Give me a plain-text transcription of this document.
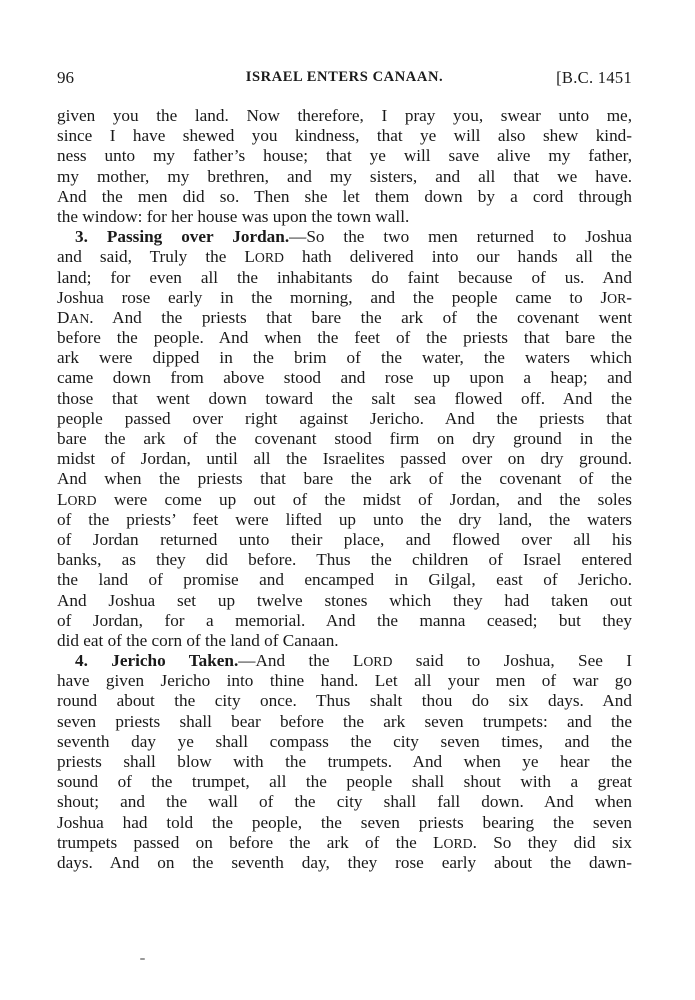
96	ISRAEL ENTERS CANAAN.	[B.C. 1451
given you the land. Now therefore, I pray you, swear unto me,
since I have shewed you kindness, that ye will also shew kind-
ness unto my father’s house; that ye will save alive my father,
my mother, my brethren, and my sisters, and all that we have.
And the men did so. Then she let them down by a cord through
the window: for her house was upon the town wall.
3. Passing over Jordan.—So the two men returned to Joshua
and said, Truly the LORD hath delivered into our hands all the
land; for even all the inhabitants do faint because of us. And
Joshua rose early in the morning, and the people came to JOR-
DAN. And the priests that bare the ark of the covenant went
before the people. And when the feet of the priests that bare the
ark were dipped in the brim of the water, the waters which
came down from above stood and rose up upon a heap; and
those that went down toward the salt sea flowed off. And the
people passed over right against Jericho. And the priests that
bare the ark of the covenant stood firm on dry ground in the
midst of Jordan, until all the Israelites passed over on dry ground.
And when the priests that bare the ark of the covenant of the
LORD were come up out of the midst of Jordan, and the soles
of the priests’ feet were lifted up unto the dry land, the waters
of Jordan returned unto their place, and flowed over all his
banks, as they did before. Thus the children of Israel entered
the land of promise and encamped in Gilgal, east of Jericho.
And Joshua set up twelve stones which they had taken out
of Jordan, for a memorial. And the manna ceased; but they
did eat of the corn of the land of Canaan.
4. Jericho Taken.—And the LORD said to Joshua, See I
have given Jericho into thine hand. Let all your men of war go
round about the city once. Thus shalt thou do six days. And
seven priests shall bear before the ark seven trumpets: and the
seventh day ye shall compass the city seven times, and the
priests shall blow with the trumpets. And when ye hear the
sound of the trumpet, all the people shall shout with a great
shout; and the wall of the city shall fall down. And when
Joshua had told the people, the seven priests bearing the seven
trumpets passed on before the ark of the LORD. So they did six
days. And on the seventh day, they rose early about the dawn-
